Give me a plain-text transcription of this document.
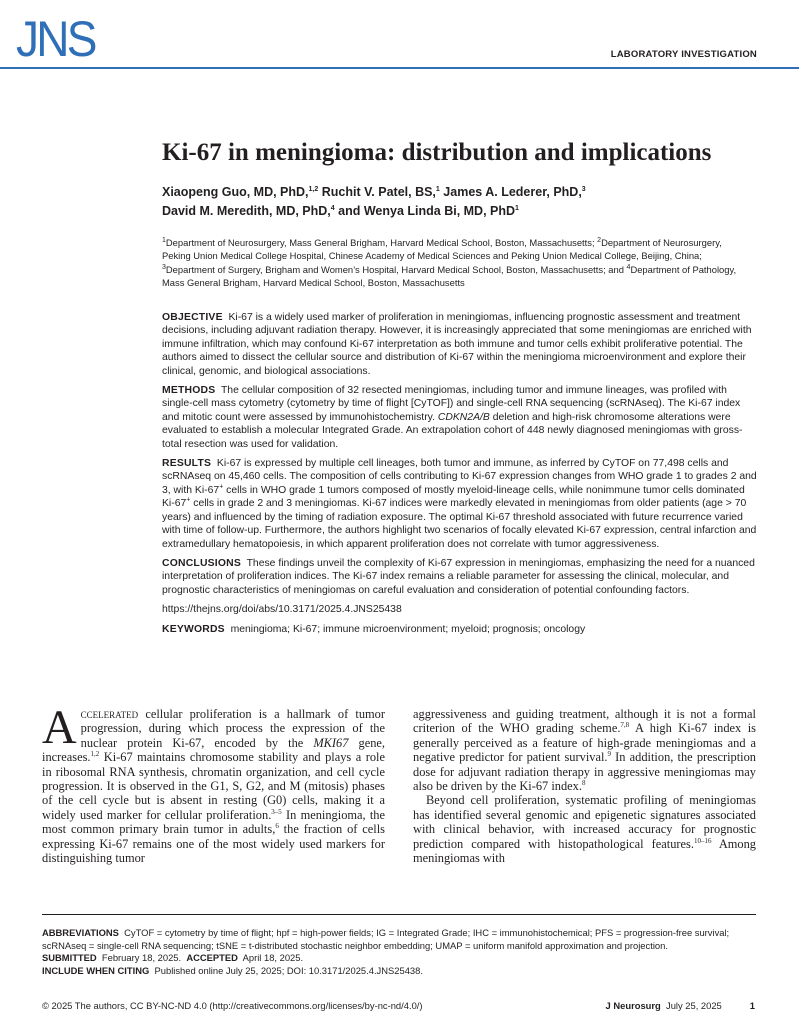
JNS	LABORATORY INVESTIGATION
Ki-67 in meningioma: distribution and implications
Xiaopeng Guo, MD, PhD,$^{1,2}$ Ruchit V. Patel, BS,$^1$ James A. Lederer, PhD,$^3$
David M. Meredith, MD, PhD,$^4$ and Wenya Linda Bi, MD, PhD$^1$
$^1$Department of Neurosurgery, Mass General Brigham, Harvard Medical School, Boston, Massachusetts; $^2$Department of Neurosurgery, Peking Union Medical College Hospital, Chinese Academy of Medical Sciences and Peking Union Medical College, Beijing, China; $^3$Department of Surgery, Brigham and Women’s Hospital, Harvard Medical School, Boston, Massachusetts; and $^4$Department of Pathology, Mass General Brigham, Harvard Medical School, Boston, Massachusetts

OBJECTIVE Ki-67 is a widely used marker of proliferation in meningiomas, influencing prognostic assessment and treatment decisions, including adjuvant radiation therapy. However, it is increasingly appreciated that some meningiomas are enriched with immune infiltration, which may confound Ki-67 interpretation as both immune and tumor cells exhibit proliferative potential. The authors aimed to dissect the cellular source and distribution of Ki-67 within the meningioma microenvironment and explore their clinical, genomic, and biological associations.

METHODS The cellular composition of 32 resected meningiomas, including tumor and immune lineages, was profiled with single-cell mass cytometry (cytometry by time of flight [CyTOF]) and single-cell RNA sequencing (scRNAseq). The Ki-67 index and mitotic count were assessed by immunohistochemistry. CDKN2A/B deletion and high-risk chromosome alterations were evaluated to establish a molecular Integrated Grade. An extrapolation cohort of 448 newly diagnosed meningiomas with gross-total resection was used for validation.

RESULTS Ki-67 is expressed by multiple cell lineages, both tumor and immune, as inferred by CyTOF on 77,498 cells and scRNAseq on 45,460 cells. The composition of cells contributing to Ki-67 expression changes from WHO grade 1 to grades 2 and 3, with Ki-67+ cells in WHO grade 1 tumors composed of mostly myeloid-lineage cells, while nonimmune tumor cells dominated Ki-67+ cells in grade 2 and 3 meningiomas. Ki-67 indices were markedly elevated in meningiomas from older patients (age > 70 years) and influenced by the timing of radiation exposure. The optimal Ki-67 threshold associated with future recurrence varied with time of follow-up. Furthermore, the authors highlight two scenarios of focally elevated Ki-67 expression, central infarction and extramedullary hematopoiesis, in which apparent proliferation does not correlate with tumor aggressiveness.

CONCLUSIONS These findings unveil the complexity of Ki-67 expression in meningiomas, emphasizing the need for a nuanced interpretation of proliferation indices. The Ki-67 index remains a reliable parameter for assessing the clinical, molecular, and prognostic characteristics of meningiomas on careful evaluation and consideration of potential confounding factors.

https://thejns.org/doi/abs/10.3171/2025.4.JNS25438

KEYWORDS meningioma; Ki-67; immune microenvironment; myeloid; prognosis; oncology

Accelerated cellular proliferation is a hallmark of tumor progression, during which process the expression of the nuclear protein Ki-67, encoded by the MKI67 gene, increases.$^{1,2}$ Ki-67 maintains chromosome stability and plays a role in ribosomal RNA synthesis, chromatin organization, and cell cycle progression. It is observed in the G1, S, G2, and M (mitosis) phases of the cell cycle but is absent in resting (G0) cells, making it a widely used marker for cellular proliferation.$^{3-5}$ In meningioma, the most common primary brain tumor in adults,$^6$ the fraction of cells expressing Ki-67 remains one of the most widely used markers for distinguishing tumor

aggressiveness and guiding treatment, although it is not a formal criterion of the WHO grading scheme.$^{7,8}$ A high Ki-67 index is generally perceived as a feature of high-grade meningiomas and a negative predictor for patient survival.$^9$ In addition, the prescription dose for adjuvant radiation therapy in aggressive meningiomas may also be driven by the Ki-67 index.$^8$

Beyond cell proliferation, systematic profiling of meningiomas has identified several genomic and epigenetic signatures associated with clinical behavior, with increased accuracy for prognostic prediction compared with histopathological features.$^{10-16}$ Among meningiomas with

ABBREVIATIONS CyTOF = cytometry by time of flight; hpf = high-power fields; IG = Integrated Grade; IHC = immunohistochemical; PFS = progression-free survival; scRNAseq = single-cell RNA sequencing; tSNE = t-distributed stochastic neighbor embedding; UMAP = uniform manifold approximation and projection.

SUBMITTED February 18, 2025. ACCEPTED April 18, 2025.

INCLUDE WHEN CITING Published online July 25, 2025; DOI: 10.3171/2025.4.JNS25438.

© 2025 The authors, CC BY-NC-ND 4.0 (http://creativecommons.org/licenses/by-nc-nd/4.0/)	J Neurosurg July 25, 2025	1
